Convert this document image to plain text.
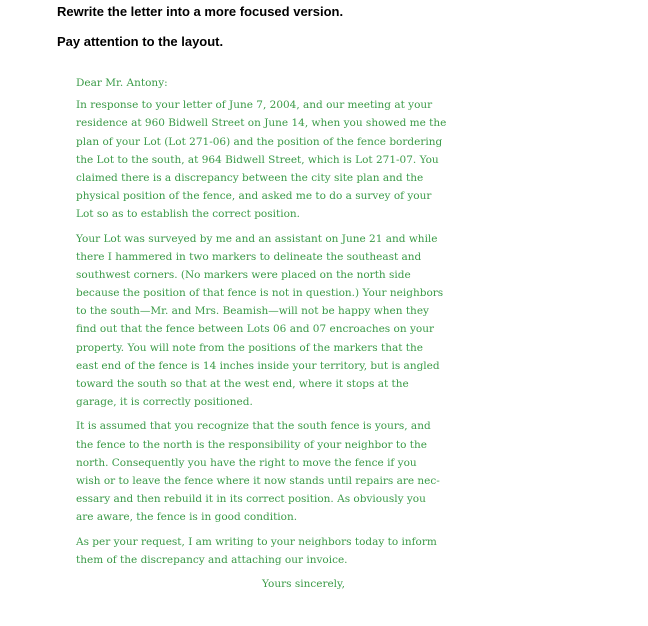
Rewrite the letter into a more focused version.
Pay attention to the layout.
Dear Mr. Antony:
In response to your letter of June 7, 2004, and our meeting at your
residence at 960 Bidwell Street on June 14, when you showed me the
plan of your Lot (Lot 271-06) and the position of the fence bordering
the Lot to the south, at 964 Bidwell Street, which is Lot 271-07. You
claimed there is a discrepancy between the city site plan and the
physical position of the fence, and asked me to do a survey of your
Lot so as to establish the correct position.
Your Lot was surveyed by me and an assistant on June 21 and while
there I hammered in two markers to delineate the southeast and
southwest corners. (No markers were placed on the north side
because the position of that fence is not in question.) Your neighbors
to the south—Mr. and Mrs. Beamish—will not be happy when they
find out that the fence between Lots 06 and 07 encroaches on your
property. You will note from the positions of the markers that the
east end of the fence is 14 inches inside your territory, but is angled
toward the south so that at the west end, where it stops at the
garage, it is correctly positioned.
It is assumed that you recognize that the south fence is yours, and
the fence to the north is the responsibility of your neighbor to the
north. Consequently you have the right to move the fence if you
wish or to leave the fence where it now stands until repairs are nec-
essary and then rebuild it in its correct position. As obviously you
are aware, the fence is in good condition.
As per your request, I am writing to your neighbors today to inform
them of the discrepancy and attaching our invoice.
Yours sincerely,
